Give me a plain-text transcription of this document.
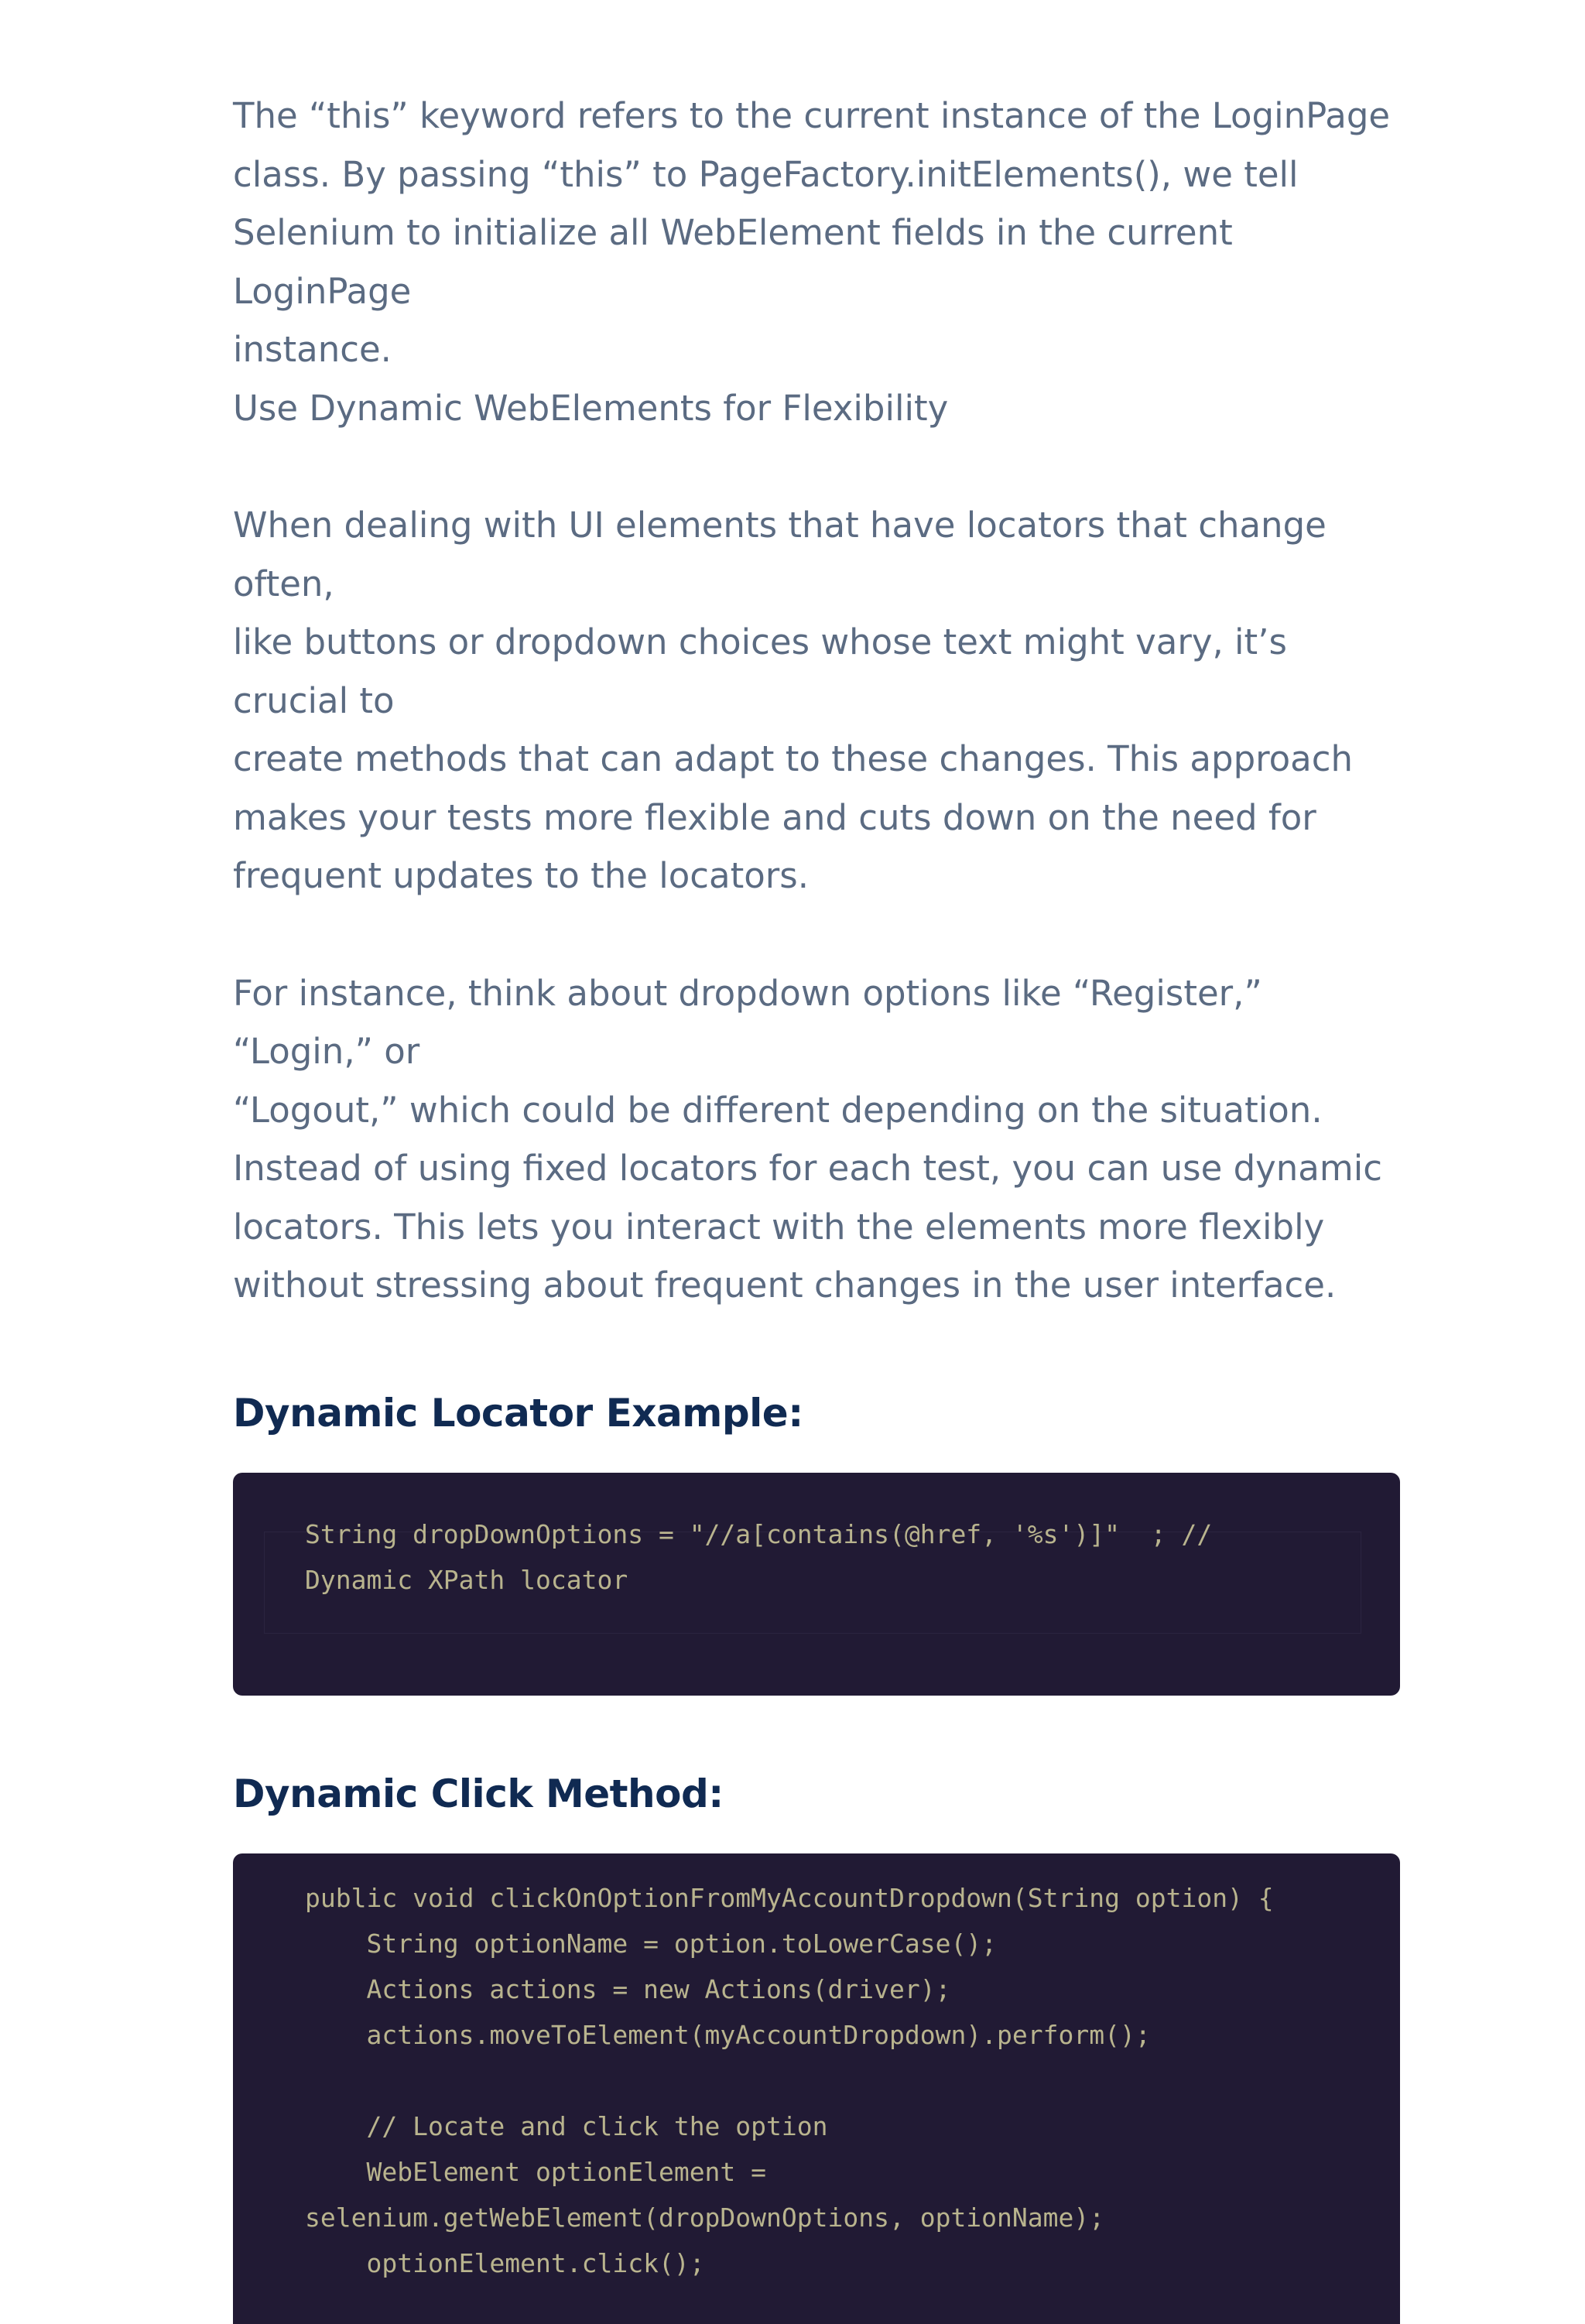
The “this” keyword refers to the current instance of the LoginPage
class. By passing “this” to PageFactory.initElements(), we tell
Selenium to initialize all WebElement fields in the current LoginPage
instance.

Use Dynamic WebElements for Flexibility

When dealing with UI elements that have locators that change often,
like buttons or dropdown choices whose text might vary, it’s crucial to
create methods that can adapt to these changes. This approach
makes your tests more flexible and cuts down on the need for
frequent updates to the locators.

For instance, think about dropdown options like “Register,” “Login,” or
“Logout,” which could be different depending on the situation.
Instead of using fixed locators for each test, you can use dynamic
locators. This lets you interact with the elements more flexibly
without stressing about frequent changes in the user interface.

Dynamic Locator Example:
String dropDownOptions = "//a[contains(@href, '%s')]"  ; //
Dynamic XPath locator
Dynamic Click Method:
public void clickOnOptionFromMyAccountDropdown(String option) {
String optionName = option.toLowerCase();
Actions actions = new Actions(driver);
actions.moveToElement(myAccountDropdown).perform();

// Locate and click the option
WebElement optionElement =
selenium.getWebElement(dropDownOptions, optionName);
optionElement.click();
